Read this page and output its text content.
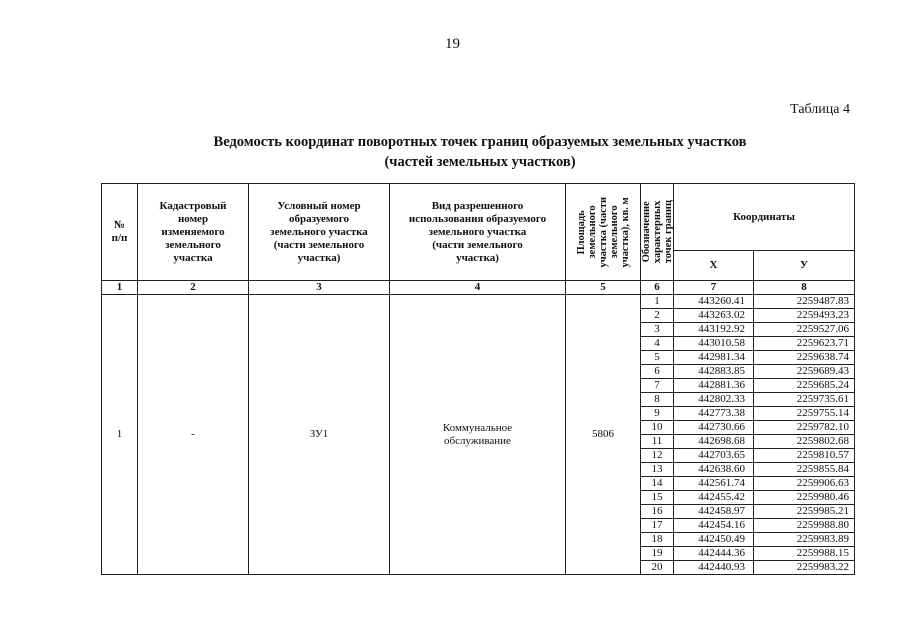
19
Таблица 4
Ведомость координат поворотных точек границ образуемых земельных участков
(частей земельных участков)
№
п/п	Кадастровый
номер
изменяемого
земельного
участка	Условный номер
образуемого
земельного участка
(части земельного
участка)	Вид разрешенного
использования образуемого
земельного участка
(части земельного
участка)	Площадь
земельного
участка (части
земельного
участка), кв. м	Обозначение
характерных
точек границ	Координаты	
						X	У
1	2	3	4	5	6	7	8
1	-	ЗУ1	Коммунальное
обслуживание	5806	1	443260.41	2259487.83
					2	443263.02	2259493.23
					3	443192.92	2259527.06
					4	443010.58	2259623.71
					5	442981.34	2259638.74
					6	442883.85	2259689.43
					7	442881.36	2259685.24
					8	442802.33	2259735.61
					9	442773.38	2259755.14
					10	442730.66	2259782.10
					11	442698.68	2259802.68
					12	442703.65	2259810.57
					13	442638.60	2259855.84
					14	442561.74	2259906.63
					15	442455.42	2259980.46
					16	442458.97	2259985.21
					17	442454.16	2259988.80
					18	442450.49	2259983.89
					19	442444.36	2259988.15
					20	442440.93	2259983.22
